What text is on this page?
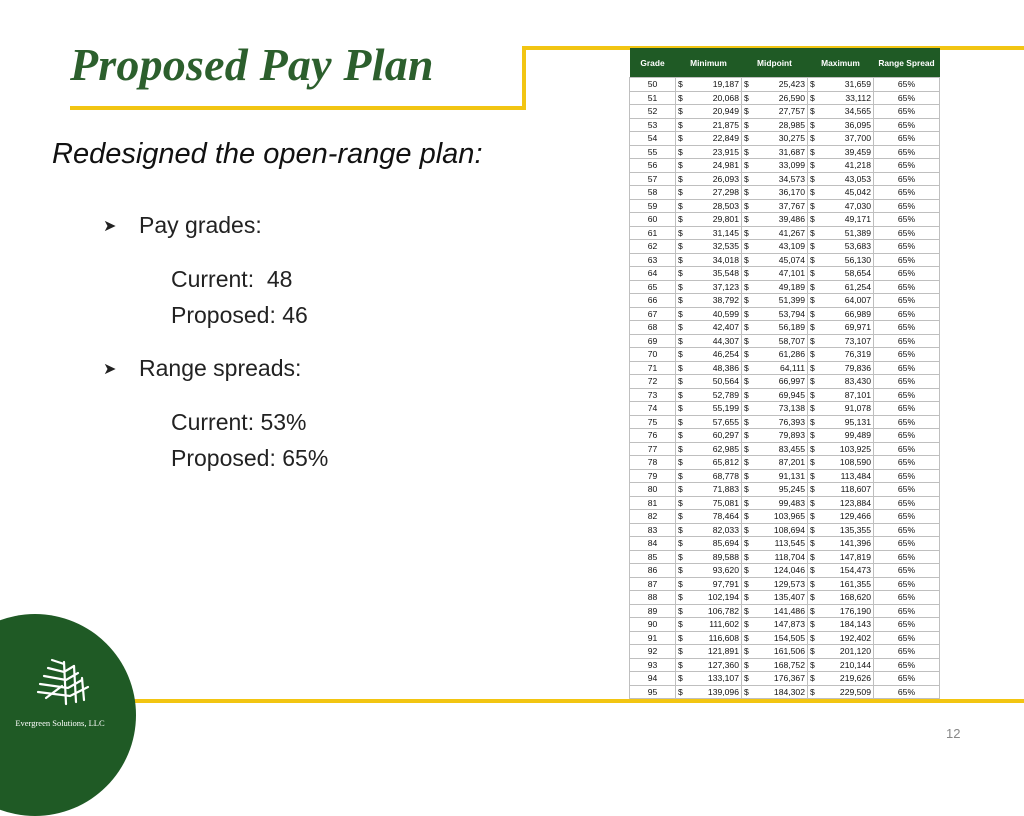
Proposed Pay Plan
Redesigned the open-range plan:
➤ Pay grades:
Current:  48
Proposed: 46
➤ Range spreads:
Current: 53%
Proposed: 65%
Grade	Minimum	Midpoint	Maximum	Range Spread
50	$ 19,187	$ 25,423	$ 31,659	65%
51	$ 20,068	$ 26,590	$ 33,112	65%
52	$ 20,949	$ 27,757	$ 34,565	65%
53	$ 21,875	$ 28,985	$ 36,095	65%
54	$ 22,849	$ 30,275	$ 37,700	65%
55	$ 23,915	$ 31,687	$ 39,459	65%
56	$ 24,981	$ 33,099	$ 41,218	65%
57	$ 26,093	$ 34,573	$ 43,053	65%
58	$ 27,298	$ 36,170	$ 45,042	65%
59	$ 28,503	$ 37,767	$ 47,030	65%
60	$ 29,801	$ 39,486	$ 49,171	65%
61	$ 31,145	$ 41,267	$ 51,389	65%
62	$ 32,535	$ 43,109	$ 53,683	65%
63	$ 34,018	$ 45,074	$ 56,130	65%
64	$ 35,548	$ 47,101	$ 58,654	65%
65	$ 37,123	$ 49,189	$ 61,254	65%
66	$ 38,792	$ 51,399	$ 64,007	65%
67	$ 40,599	$ 53,794	$ 66,989	65%
68	$ 42,407	$ 56,189	$ 69,971	65%
69	$ 44,307	$ 58,707	$ 73,107	65%
70	$ 46,254	$ 61,286	$ 76,319	65%
71	$ 48,386	$ 64,111	$ 79,836	65%
72	$ 50,564	$ 66,997	$ 83,430	65%
73	$ 52,789	$ 69,945	$ 87,101	65%
74	$ 55,199	$ 73,138	$ 91,078	65%
75	$ 57,655	$ 76,393	$ 95,131	65%
76	$ 60,297	$ 79,893	$ 99,489	65%
77	$ 62,985	$ 83,455	$ 103,925	65%
78	$ 65,812	$ 87,201	$ 108,590	65%
79	$ 68,778	$ 91,131	$ 113,484	65%
80	$ 71,883	$ 95,245	$ 118,607	65%
81	$ 75,081	$ 99,483	$ 123,884	65%
82	$ 78,464	$ 103,965	$ 129,466	65%
83	$ 82,033	$ 108,694	$ 135,355	65%
84	$ 85,694	$ 113,545	$ 141,396	65%
85	$ 89,588	$ 118,704	$ 147,819	65%
86	$ 93,620	$ 124,046	$ 154,473	65%
87	$ 97,791	$ 129,573	$ 161,355	65%
88	$ 102,194	$ 135,407	$ 168,620	65%
89	$ 106,782	$ 141,486	$ 176,190	65%
90	$ 111,602	$ 147,873	$ 184,143	65%
91	$ 116,608	$ 154,505	$ 192,402	65%
92	$ 121,891	$ 161,506	$ 201,120	65%
93	$ 127,360	$ 168,752	$ 210,144	65%
94	$ 133,107	$ 176,367	$ 219,626	65%
95	$ 139,096	$ 184,302	$ 229,509	65%
Evergreen Solutions, LLC
12
